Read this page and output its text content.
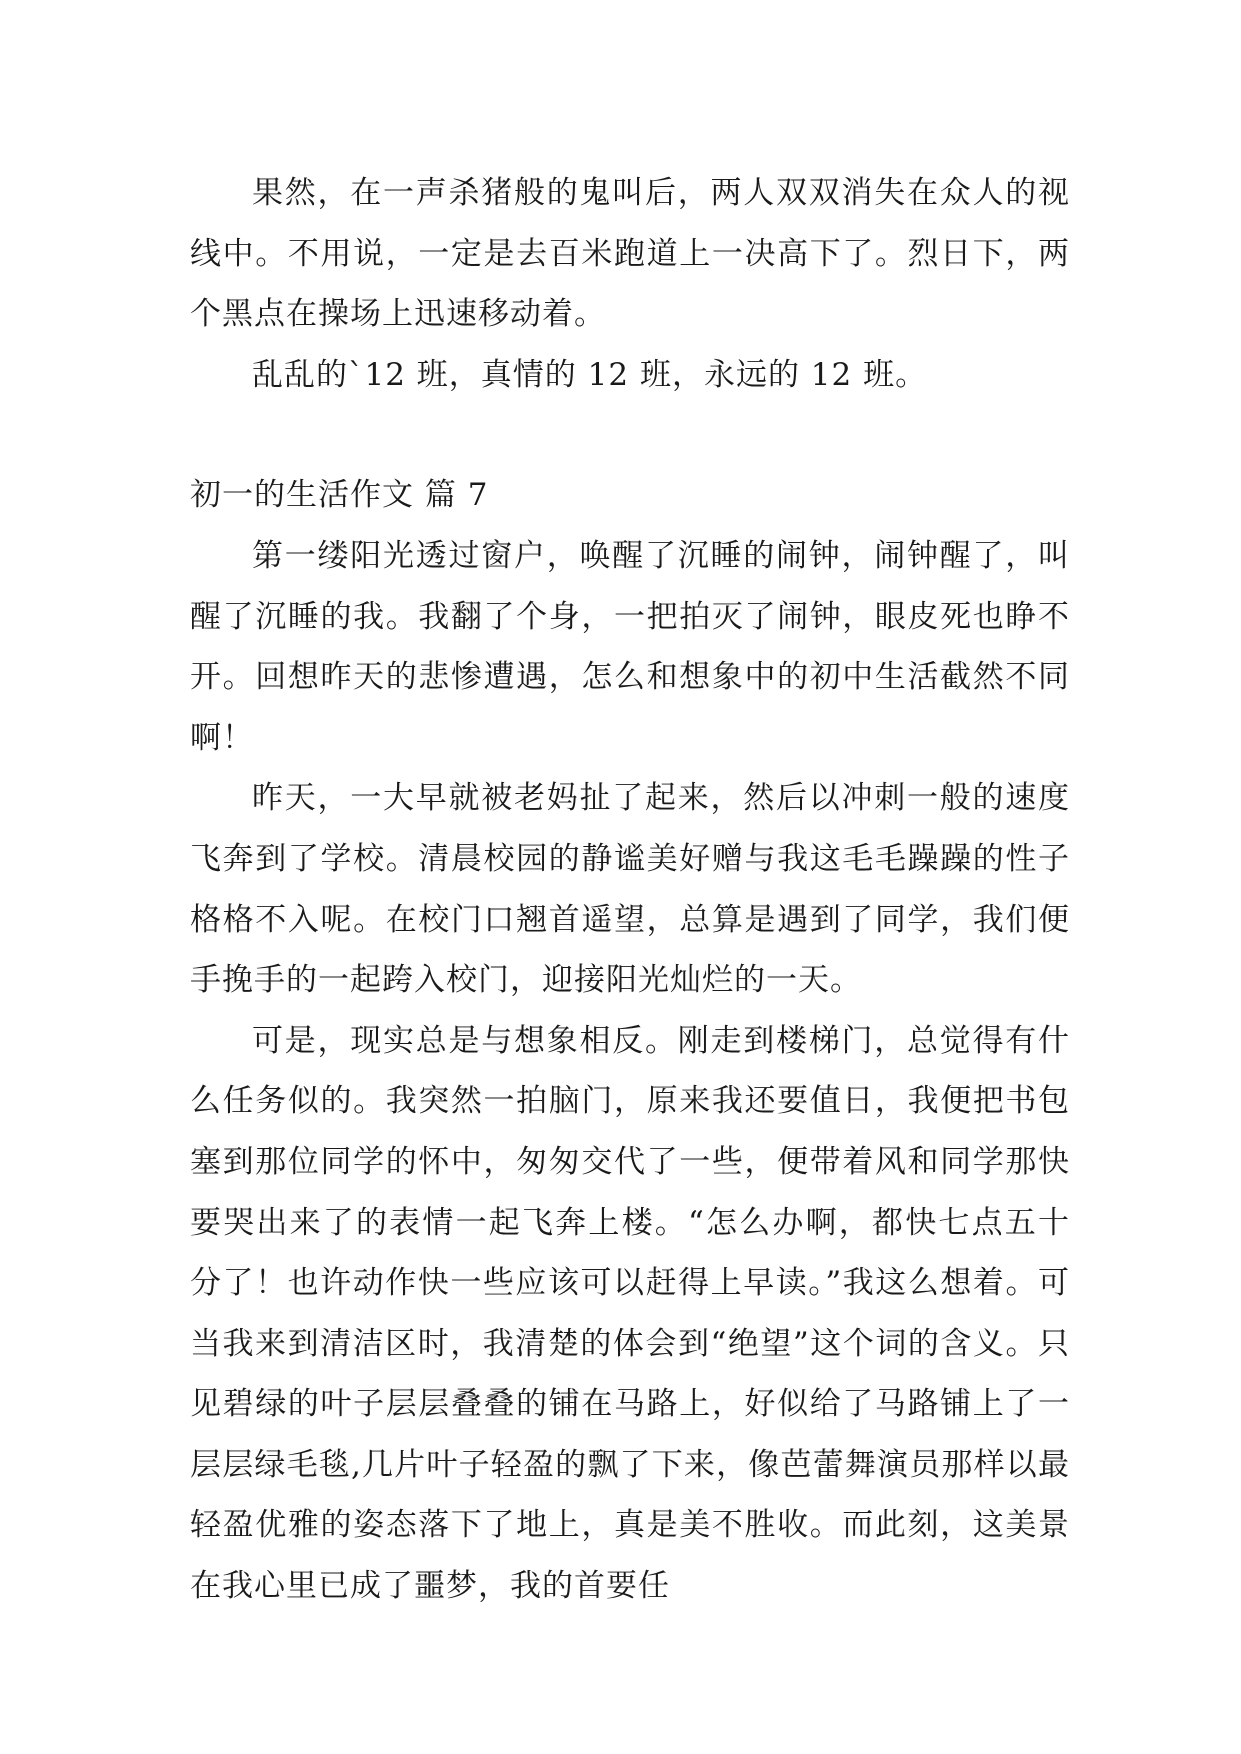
果然，在一声杀猪般的鬼叫后，两人双双消失在众人的视线中。不用说，一定是去百米跑道上一决高下了。烈日下，两个黑点在操场上迅速移动着。

乱乱的`12 班，真情的 12 班，永远的 12 班。

初一的生活作文 篇 7

第一缕阳光透过窗户，唤醒了沉睡的闹钟，闹钟醒了，叫醒了沉睡的我。我翻了个身，一把拍灭了闹钟，眼皮死也睁不开。回想昨天的悲惨遭遇，怎么和想象中的初中生活截然不同啊！

昨天，一大早就被老妈扯了起来，然后以冲刺一般的速度飞奔到了学校。清晨校园的静谧美好赠与我这毛毛躁躁的性子格格不入呢。在校门口翘首遥望，总算是遇到了同学，我们便手挽手的一起跨入校门，迎接阳光灿烂的一天。

可是，现实总是与想象相反。刚走到楼梯门，总觉得有什么任务似的。我突然一拍脑门，原来我还要值日，我便把书包塞到那位同学的怀中，匆匆交代了一些，便带着风和同学那快要哭出来了的表情一起飞奔上楼。“怎么办啊，都快七点五十分了！也许动作快一些应该可以赶得上早读。”我这么想着。可当我来到清洁区时，我清楚的体会到“绝望”这个词的含义。只见碧绿的叶子层层叠叠的铺在马路上，好似给了马路铺上了一层层绿毛毯,几片叶子轻盈的飘了下来，像芭蕾舞演员那样以最轻盈优雅的姿态落下了地上，真是美不胜收。而此刻，这美景在我心里已成了噩梦，我的首要任
